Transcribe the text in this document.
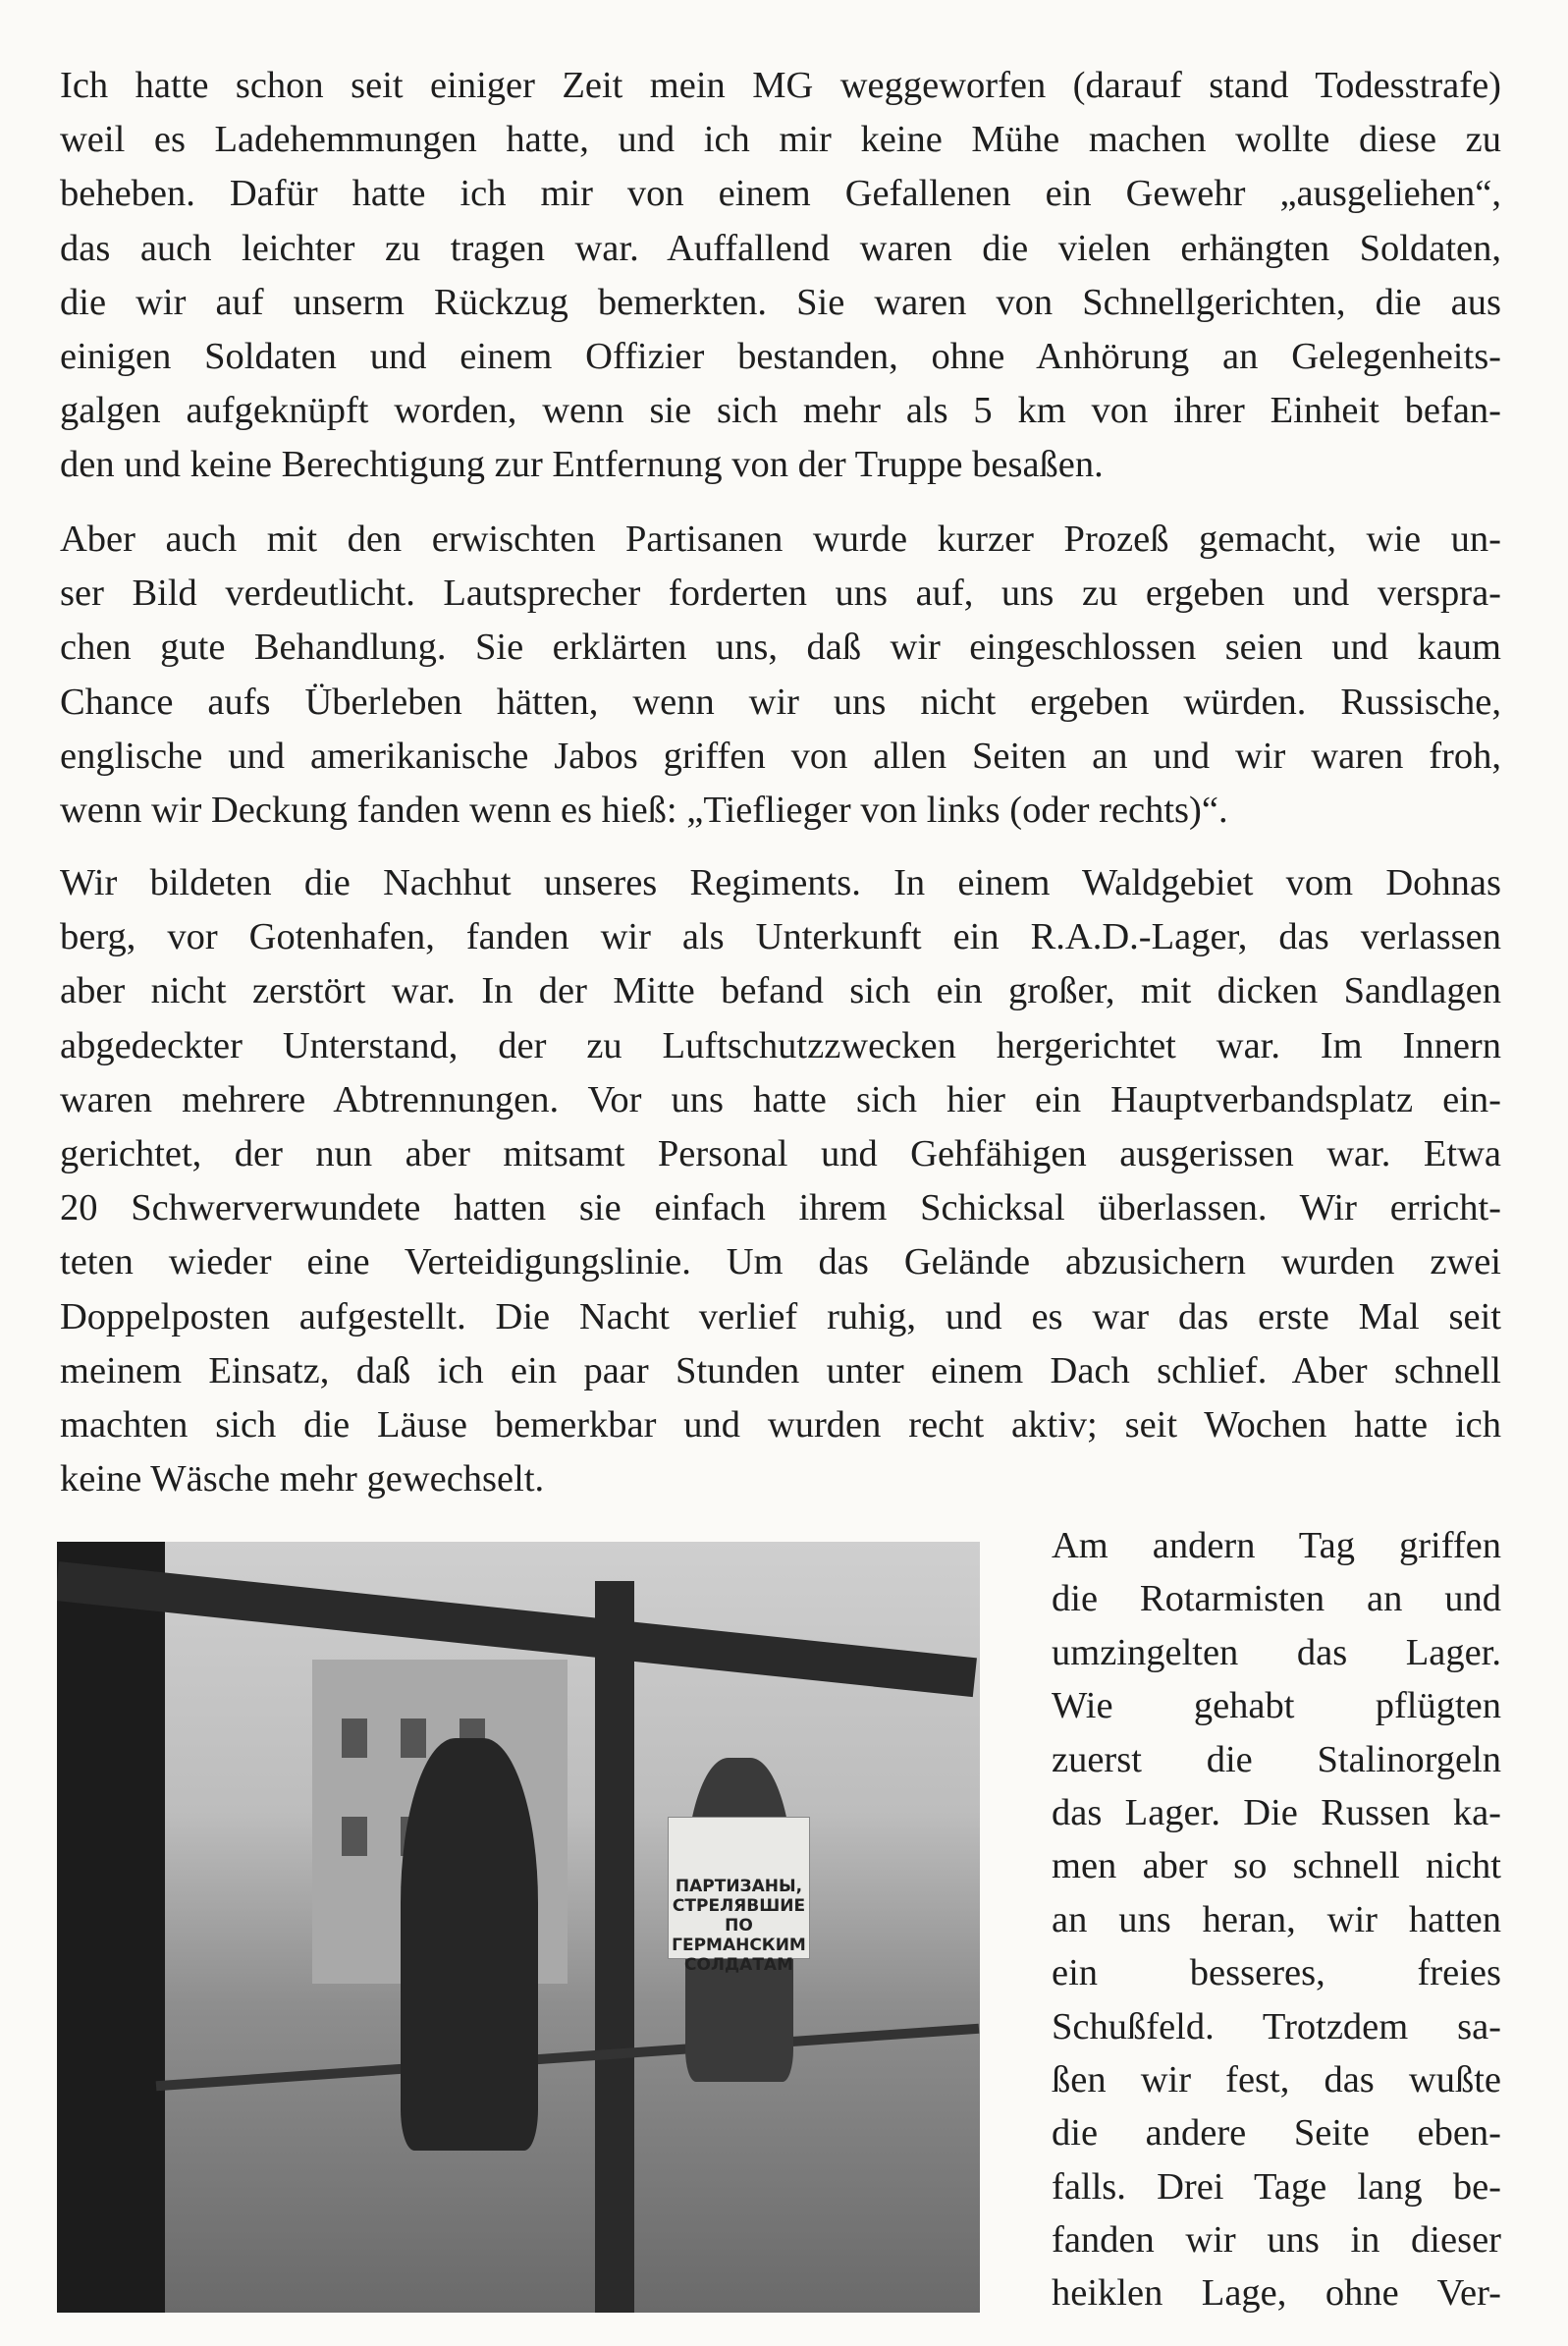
Ich hatte schon seit einiger Zeit mein MG weggeworfen (darauf stand Todesstrafe)
weil es Ladehemmungen hatte, und ich mir keine Mühe machen wollte diese zu
beheben. Dafür hatte ich mir von einem Gefallenen ein Gewehr „ausgeliehen“,
das auch leichter zu tragen war. Auffallend waren die vielen erhängten Soldaten,
die wir auf unserm Rückzug bemerkten. Sie waren von Schnellgerichten, die aus
einigen Soldaten und einem Offizier bestanden, ohne Anhörung an Gelegenheits-
galgen aufgeknüpft worden, wenn sie sich mehr als 5 km von ihrer Einheit befan-
den und keine Berechtigung zur Entfernung von der Truppe besaßen.
Aber auch mit den erwischten Partisanen wurde kurzer Prozeß gemacht, wie un-
ser Bild verdeutlicht. Lautsprecher forderten uns auf, uns zu ergeben und verspra-
chen gute Behandlung. Sie erklärten uns, daß wir eingeschlossen seien und kaum
Chance aufs Überleben hätten, wenn wir uns nicht ergeben würden. Russische,
englische und amerikanische Jabos griffen von allen Seiten an und wir waren froh,
wenn wir Deckung fanden wenn es hieß: „Tieflieger von links (oder rechts)“.
Wir bildeten die Nachhut unseres Regiments. In einem Waldgebiet vom Dohnas
berg, vor Gotenhafen, fanden wir als Unterkunft ein R.A.D.-Lager, das verlassen
aber nicht zerstört war. In der Mitte befand sich ein großer, mit dicken Sandlagen
abgedeckter Unterstand, der zu Luftschutzzwecken hergerichtet war. Im Innern
waren mehrere Abtrennungen. Vor uns hatte sich hier ein Hauptverbandsplatz ein-
gerichtet, der nun aber mitsamt Personal und Gehfähigen ausgerissen war. Etwa
20 Schwerverwundete hatten sie einfach ihrem Schicksal überlassen. Wir erricht-
teten wieder eine Verteidigungslinie. Um das Gelände abzusichern wurden zwei
Doppelposten aufgestellt. Die Nacht verlief ruhig, und es war das erste Mal seit
meinem Einsatz, daß ich ein paar Stunden unter einem Dach schlief. Aber schnell
machten sich die Läuse bemerkbar und wurden recht aktiv; seit Wochen hatte ich
keine Wäsche mehr gewechselt.
ПАРТИЗАНЫ,
СТРЕЛЯВШИЕ ПО
ГЕРМАНСКИМ
СОЛДАТАМ
Am andern Tag griffen
die Rotarmisten an und
umzingelten das Lager.
Wie gehabt pflügten
zuerst die Stalinorgeln
das Lager. Die Russen ka-
men aber so schnell nicht
an uns heran, wir hatten
ein besseres, freies
Schußfeld. Trotzdem sa-
ßen wir fest, das wußte
die andere Seite eben-
falls. Drei Tage lang be-
fanden wir uns in dieser
heiklen Lage, ohne Ver-
